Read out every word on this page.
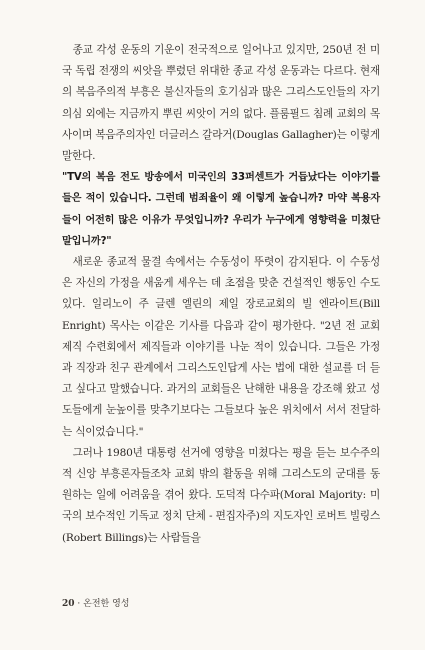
종교 각성 운동의 기운이 전국적으로 일어나고 있지만, 250년 전 미국 독립 전쟁의 씨앗을 뿌렸던 위대한 종교 각성 운동과는 다르다. 현재의 복음주의적 부흥은 불신자들의 호기심과 많은 그리스도인들의 자기 의심 외에는 지금까지 뿌린 씨앗이 거의 없다. 플룸필드 침례 교회의 목사이며 복음주의자인 더글러스 갈라거(Douglas Gallagher)는 이렇게 말한다.

"TV의 복음 전도 방송에서 미국인의 33퍼센트가 거듭났다는 이야기를 들은 적이 있습니다. 그런데 범죄율이 왜 이렇게 높습니까? 마약 복용자들이 어전히 많은 이유가 무엇입니까? 우리가 누구에게 영향력을 미쳤단 말입니까?"

새로운 종교적 물결 속에서는 수동성이 뚜렷이 감지된다. 이 수동성은 자신의 가정을 새움게 세우는 데 초점을 맞춘 건설적인 행동인 수도 있다. 일리노이 주 글렌 엘린의 제일 장로교회의 빌 엔라이트(Bill Enright) 목사는 이같은 기사를 다음과 같이 평가한다. "2년 전 교회 제직 수련회에서 제직들과 이야기를 나눈 적이 있습니다. 그들은 가정과 직장과 친구 관계에서 그리스도인답게 사는 법에 대한 설교를 더 듣고 싶다고 말했습니다. 과거의 교회들은 난해한 내용을 강조해 왔고 성도들에게 눈높이를 맞추기보다는 그들보다 높은 위치에서 서서 전달하는 식이었습니다."

그러나 1980년 대통령 선거에 영향을 미쳤다는 평을 듣는 보수주의적 신앙 부흥론자들조차 교회 밖의 활동을 위해 그리스도의 군대를 동원하는 일에 어려움을 겪어 왔다. 도덕적 다수파(Moral Majority: 미국의 보수적인 기독교 정치 단체 - 편집자주)의 지도자인 로버트 빌링스(Robert Billings)는 사람들을

20 · 온전한 영성
